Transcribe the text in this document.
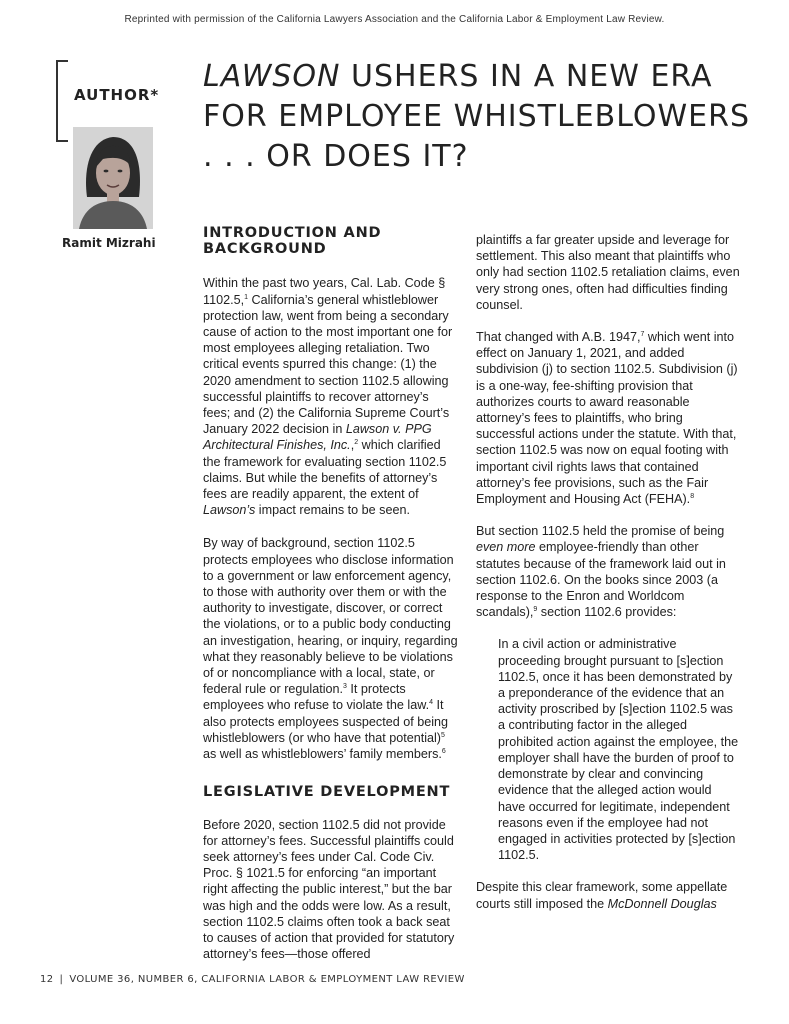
Reprinted with permission of the California Lawyers Association and the California Labor & Employment Law Review.
AUTHOR*
Ramit Mizrahi
LAWSON USHERS IN A NEW ERA FOR EMPLOYEE WHISTLEBLOWERS . . . OR DOES IT?
INTRODUCTION AND BACKGROUND

Within the past two years, Cal. Lab. Code § 1102.5,$^1$ California’s general whistleblower protection law, went from being a secondary cause of action to the most important one for most employees alleging retaliation. Two critical events spurred this change: (1) the 2020 amendment to section 1102.5 allowing successful plaintiffs to recover attorney’s fees; and (2) the California Supreme Court’s January 2022 decision in Lawson v. PPG Architectural Finishes, Inc.,$^2$ which clarified the framework for evaluating section 1102.5 claims. But while the benefits of attorney’s fees are readily apparent, the extent of Lawson’s impact remains to be seen.

By way of background, section 1102.5 protects employees who disclose information to a government or law enforcement agency, to those with authority over them or with the authority to investigate, discover, or correct the violations, or to a public body conducting an investigation, hearing, or inquiry, regarding what they reasonably believe to be violations of or noncompliance with a local, state, or federal rule or regulation.$^3$ It protects employees who refuse to violate the law.$^4$ It also protects employees suspected of being whistleblowers (or who have that potential)$^5$ as well as whistleblowers’ family members.$^6$

LEGISLATIVE DEVELOPMENT

Before 2020, section 1102.5 did not provide for attorney’s fees. Successful plaintiffs could seek attorney’s fees under Cal. Code Civ. Proc. § 1021.5 for enforcing “an important right affecting the public interest,” but the bar was high and the odds were low. As a result, section 1102.5 claims often took a back seat to causes of action that provided for statutory attorney’s fees—those offered

plaintiffs a far greater upside and leverage for settlement. This also meant that plaintiffs who only had section 1102.5 retaliation claims, even very strong ones, often had difficulties finding counsel.

That changed with A.B. 1947,$^7$ which went into effect on January 1, 2021, and added subdivision (j) to section 1102.5. Subdivision (j) is a one-way, fee-shifting provision that authorizes courts to award reasonable attorney’s fees to plaintiffs, who bring successful actions under the statute. With that, section 1102.5 was now on equal footing with important civil rights laws that contained attorney’s fee provisions, such as the Fair Employment and Housing Act (FEHA).$^8$

But section 1102.5 held the promise of being even more employee-friendly than other statutes because of the framework laid out in section 1102.6. On the books since 2003 (a response to the Enron and Worldcom scandals),$^9$ section 1102.6 provides:

In a civil action or administrative proceeding brought pursuant to [s]ection 1102.5, once it has been demonstrated by a preponderance of the evidence that an activity proscribed by [s]ection 1102.5 was a contributing factor in the alleged prohibited action against the employee, the employer shall have the burden of proof to demonstrate by clear and convincing evidence that the alleged action would have occurred for legitimate, independent reasons even if the employee had not engaged in activities protected by [s]ection 1102.5.

Despite this clear framework, some appellate courts still imposed the McDonnell Douglas

12 | VOLUME 36, NUMBER 6, CALIFORNIA LABOR & EMPLOYMENT LAW REVIEW
